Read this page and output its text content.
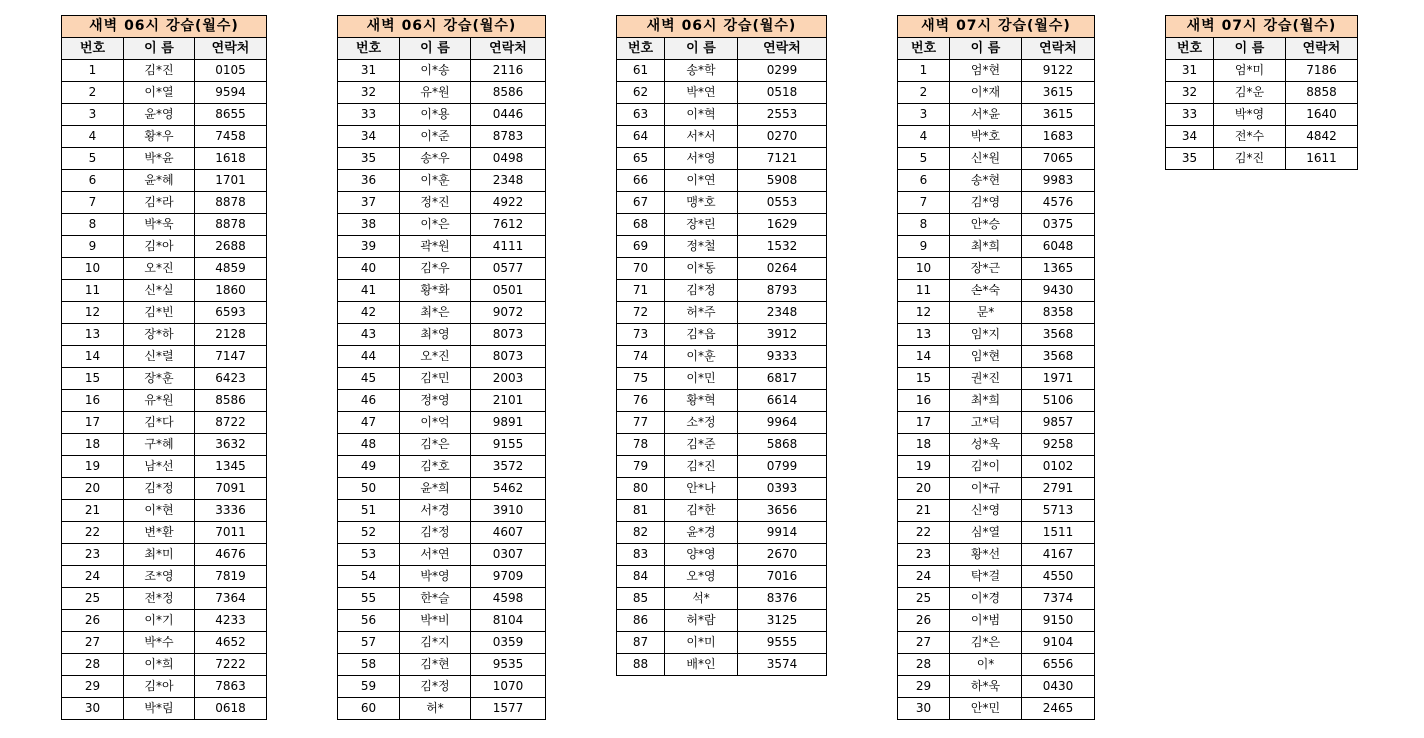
새벽 06시 강습(월수)		
번호	이 름	연락처
1	김*진	0105
2	이*열	9594
3	윤*영	8655
4	황*우	7458
5	박*윤	1618
6	윤*혜	1701
7	김*라	8878
8	박*욱	8878
9	김*아	2688
10	오*진	4859
11	신*실	1860
12	김*빈	6593
13	장*하	2128
14	신*렬	7147
15	장*훈	6423
16	유*원	8586
17	김*다	8722
18	구*혜	3632
19	남*선	1345
20	김*정	7091
21	이*현	3336
22	변*환	7011
23	최*미	4676
24	조*영	7819
25	전*정	7364
26	이*기	4233
27	박*수	4652
28	이*희	7222
29	김*아	7863
30	박*림	0618
새벽 06시 강습(월수)		
번호	이 름	연락처
31	이*송	2116
32	유*원	8586
33	이*용	0446
34	이*준	8783
35	송*우	0498
36	이*훈	2348
37	정*진	4922
38	이*은	7612
39	곽*원	4111
40	김*우	0577
41	황*화	0501
42	최*은	9072
43	최*영	8073
44	오*진	8073
45	김*민	2003
46	정*영	2101
47	이*억	9891
48	김*은	9155
49	김*호	3572
50	윤*희	5462
51	서*경	3910
52	김*정	4607
53	서*연	0307
54	박*영	9709
55	한*슬	4598
56	박*비	8104
57	김*지	0359
58	김*현	9535
59	김*정	1070
60	허*	1577
새벽 06시 강습(월수)		
번호	이 름	연락처
61	송*학	0299
62	박*연	0518
63	이*혁	2553
64	서*서	0270
65	서*영	7121
66	이*연	5908
67	맹*호	0553
68	장*린	1629
69	정*철	1532
70	이*동	0264
71	김*정	8793
72	허*주	2348
73	김*읍	3912
74	이*훈	9333
75	이*민	6817
76	황*혁	6614
77	소*정	9964
78	김*준	5868
79	김*진	0799
80	안*나	0393
81	김*한	3656
82	윤*경	9914
83	양*영	2670
84	오*영	7016
85	석*	8376
86	허*람	3125
87	이*미	9555
88	배*인	3574
새벽 07시 강습(월수)		
번호	이 름	연락처
1	엄*현	9122
2	이*재	3615
3	서*윤	3615
4	박*호	1683
5	신*원	7065
6	송*현	9983
7	김*영	4576
8	안*승	0375
9	최*희	6048
10	장*근	1365
11	손*숙	9430
12	문*	8358
13	임*지	3568
14	임*현	3568
15	권*진	1971
16	최*희	5106
17	고*덕	9857
18	성*욱	9258
19	김*이	0102
20	이*규	2791
21	신*영	5713
22	심*열	1511
23	황*선	4167
24	탁*걸	4550
25	이*경	7374
26	이*범	9150
27	김*은	9104
28	이*	6556
29	하*욱	0430
30	안*민	2465
새벽 07시 강습(월수)		
번호	이 름	연락처
31	엄*미	7186
32	김*운	8858
33	박*영	1640
34	전*수	4842
35	김*진	1611
